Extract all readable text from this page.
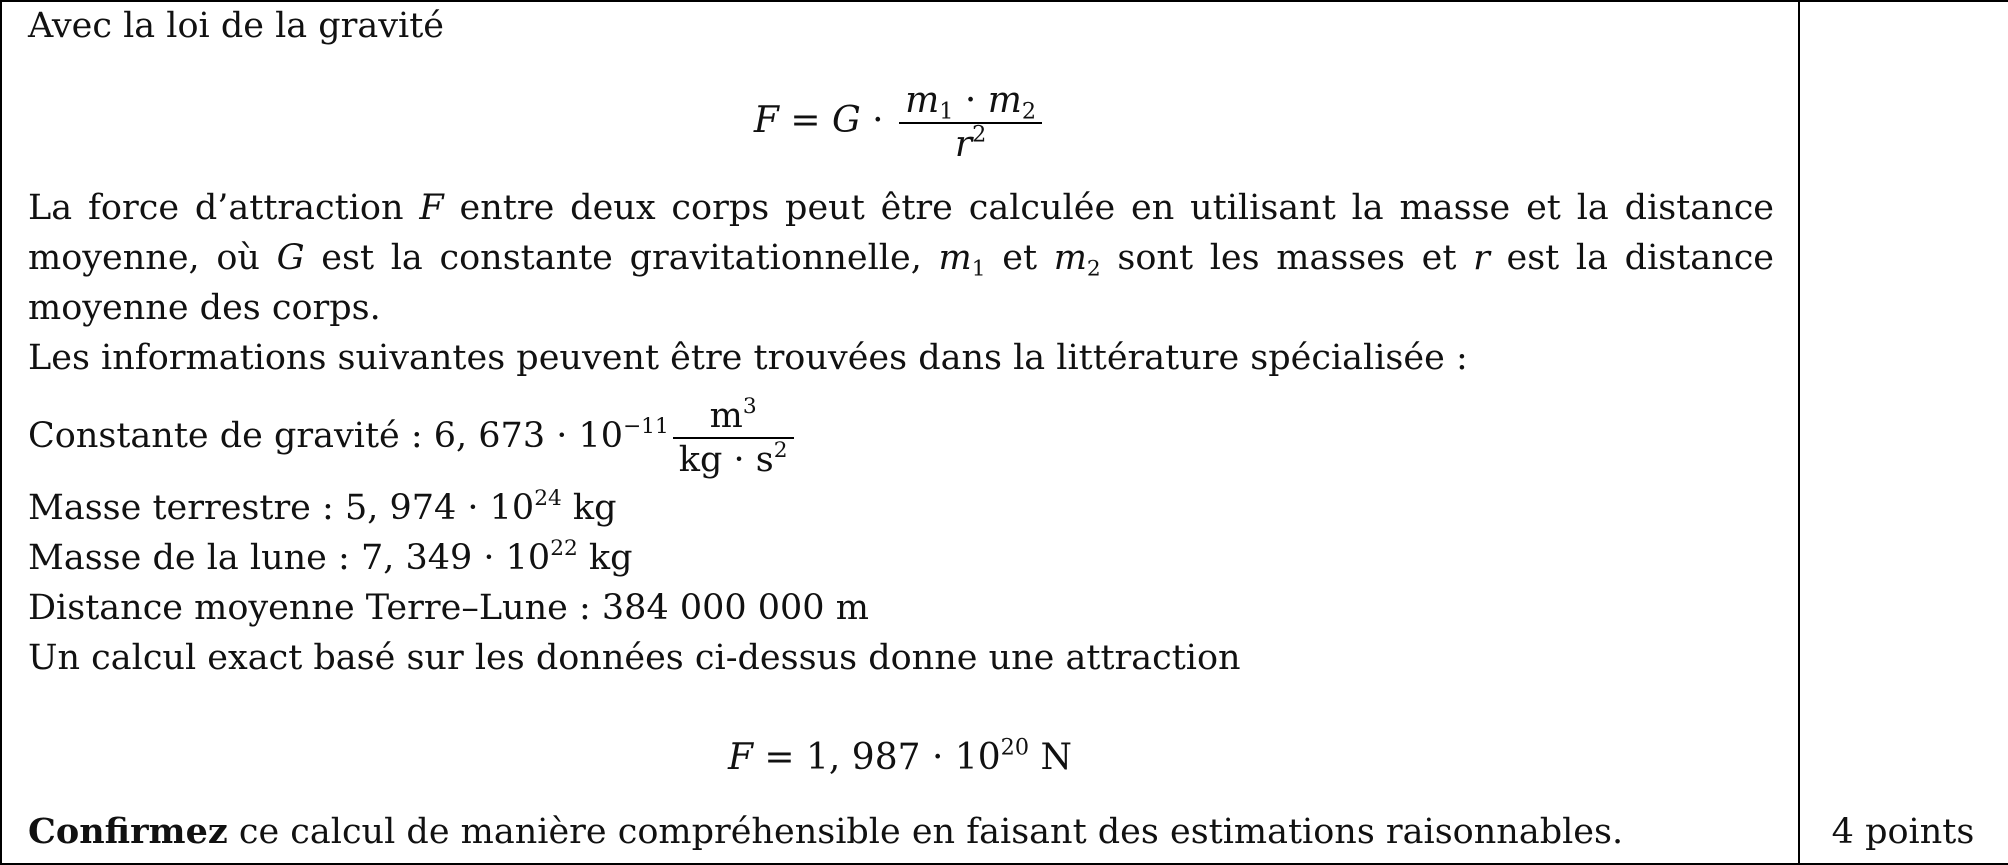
Avec la loi de la gravité
$F = G \cdot \frac{m_1 \cdot m_2}{r^2}$
La force d’attraction F entre deux corps peut être calculée en utilisant la masse et la distance
moyenne, où G est la constante gravitationnelle, $m_1$ et $m_2$ sont les masses et r est la distance
moyenne des corps.
Les informations suivantes peuvent être trouvées dans la littérature spécialisée :
Constante de gravité : 6, $673 \cdot 10^{-11} \frac{m^3}{kg \cdot s^2}$
Masse terrestre : 5, $974 \cdot 10^{24}$ kg
Masse de la lune : 7, $349 \cdot 10^{22}$ kg
Distance moyenne Terre–Lune : 384 000 000 m
Un calcul exact basé sur les données ci-dessus donne une attraction
F = 1, $987 \cdot 10^{20}$ N
Confirmez ce calcul de manière compréhensible en faisant des estimations raisonnables.	4 points
